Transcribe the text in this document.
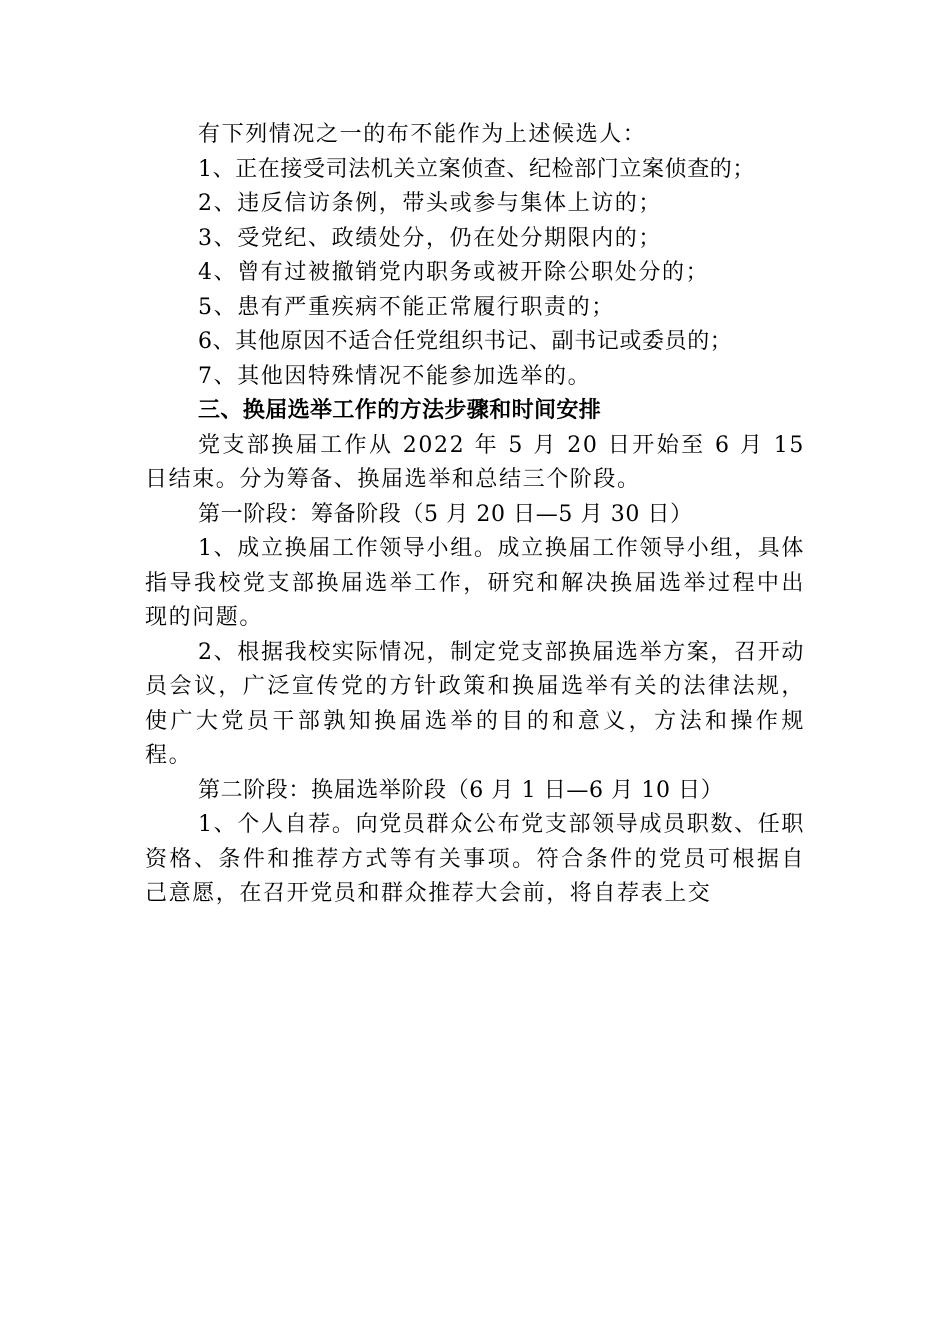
有下列情况之一的布不能作为上述候选人：

1、正在接受司法机关立案侦查、纪检部门立案侦查的；

2、违反信访条例，带头或参与集体上访的；

3、受党纪、政绩处分，仍在处分期限内的；

4、曾有过被撤销党内职务或被开除公职处分的；

5、患有严重疾病不能正常履行职责的；

6、其他原因不适合任党组织书记、副书记或委员的；

7、其他因特殊情况不能参加选举的。

三、换届选举工作的方法步骤和时间安排

党支部换届工作从 2022 年 5 月 20 日开始至 6 月 15 日结束。分为筹备、换届选举和总结三个阶段。

第一阶段：筹备阶段（5 月 20 日—5 月 30 日）

1、成立换届工作领导小组。成立换届工作领导小组，具体指导我校党支部换届选举工作，研究和解决换届选举过程中出现的问题。

2、根据我校实际情况，制定党支部换届选举方案，召开动员会议，广泛宣传党的方针政策和换届选举有关的法律法规，使广大党员干部孰知换届选举的目的和意义，方法和操作规程。

第二阶段：换届选举阶段（6 月 1 日—6 月 10 日）

1、个人自荐。向党员群众公布党支部领导成员职数、任职资格、条件和推荐方式等有关事项。符合条件的党员可根据自己意愿，在召开党员和群众推荐大会前，将自荐表上交
